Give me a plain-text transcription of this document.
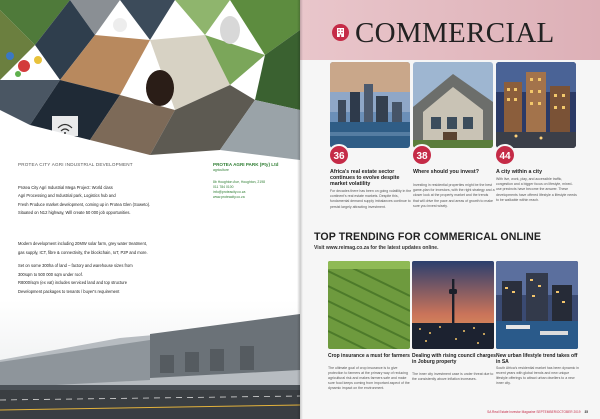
PROTEA CITY AGRI INDUSTRIAL DEVELOPMENT	PROTEA AGRI PARK (Pty) Ltd
agriculture
8b Houghton Ave, Houghton, 2198
011 784 0100
info@proteacity.co.za
www.proteacity.co.za

Protea City Agri Industrial Mega Project: World class

Agri Processing and Industrial park, Logistics hub and

Fresh Produce market development, coming up in Protea Glen (Soweto).

Situated on N12 highway, Will create 50 000 job opportunities.

Modern development including 20MW solar farm, grey water treatment,

gas supply, ICT, fibre & connectivity, the blockchain, IoT, P2P and more.

Set on some 300ha of land – factory and warehouse sizes from

300sqm to 500 000 sqm under roof.

R8000/sqm (ex vat) includes serviced land and top structure

Development packages to tenants / buyer's requirement

COMMERCIAL
36	38	44
Africa's real estate sector continues to evolve despite market volatility
Where should you invest?	A city within a city
For decades there has been on going volatility in the continent's real estate markets. Despite this, fundamental demand supply imbalances continue to persist largely attracting investment.
Investing in residential properties might be the best game-plan for investors, with the right strategy and a closer look at the property market and the trends that will drive the pace and areas of growth to make sure you invest wisely.
With live, work, play, and accessible traffic, congestion and a bigger focus on lifestyle, mixed-use precincts have become the answer. These developments have offered lifestyle a lifestyle needs to be walkable within reach.
TOP TRENDING FOR COMMERICAL ONLINE
Visit www.reimag.co.za for the latest updates online.
Crop insurance a must for farmers Dealing with rising council charges in Joburg property
New urban lifestyle trend takes off in SA
The ultimate goal of crop insurance is to give protection to farmers at the primary way of reducing agricultural risk and makes farmers safe and make sure food keeps coming from important aspect of the dynamic impact on the environment.
The inner city investment case is under threat due to the consistently above inflation increases.
South Africa's residential market has been dynamic in recent years with global trends and new unique lifestyle offerings to attract urban dwellers to a new inner city.
SA Real Estate Investor Magazine SEPTEMBER/OCTOBER 2019 35
